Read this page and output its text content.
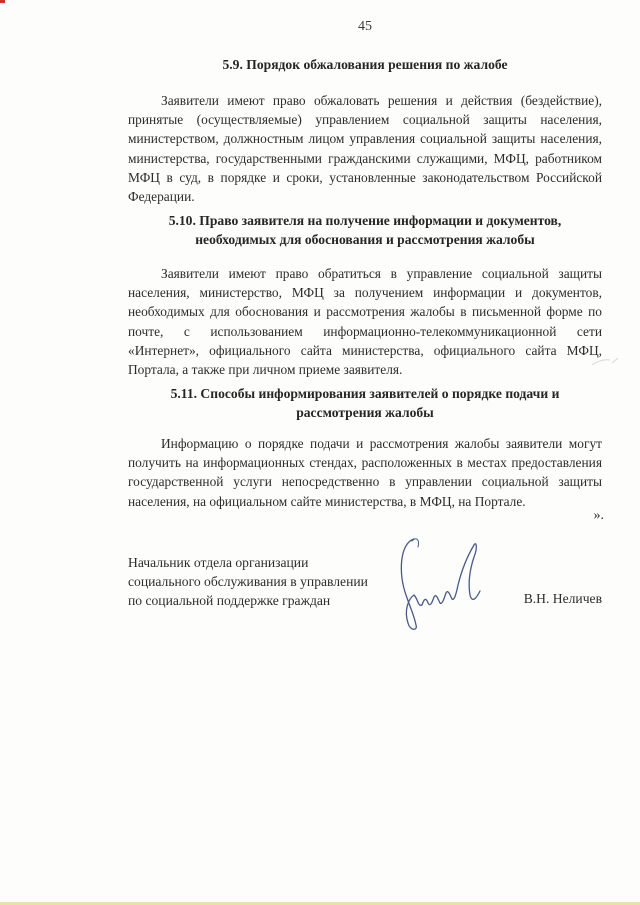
45
5.9. Порядок обжалования решения по жалобе

Заявители имеют право обжаловать решения и действия (бездействие), принятые (осуществляемые) управлением социальной защиты населения, министерством, должностным лицом управления социальной защиты населения, министерства, государственными гражданскими служащими, МФЦ, работником МФЦ в суд, в порядке и сроки, установленные законодательством Российской Федерации.

5.10. Право заявителя на получение информации и документов,
необходимых для обоснования и рассмотрения жалобы

Заявители имеют право обратиться в управление социальной защиты населения, министерство, МФЦ за получением информации и документов, необходимых для обоснования и рассмотрения жалобы в письменной форме по почте, с использованием информационно-телекоммуникационной сети «Интернет», официального сайта министерства, официального сайта МФЦ, Портала, а также при личном приеме заявителя.

5.11. Способы информирования заявителей о порядке подачи и
рассмотрения жалобы

Информацию о порядке подачи и рассмотрения жалобы заявители могут получить на информационных стендах, расположенных в местах предоставления государственной услуги непосредственно в управлении социальной защиты населения, на официальном сайте министерства, в МФЦ, на Портале.

».
Начальник отдела организации
социального обслуживания в управлении
по социальной поддержке граждан	В.Н. Неличев
